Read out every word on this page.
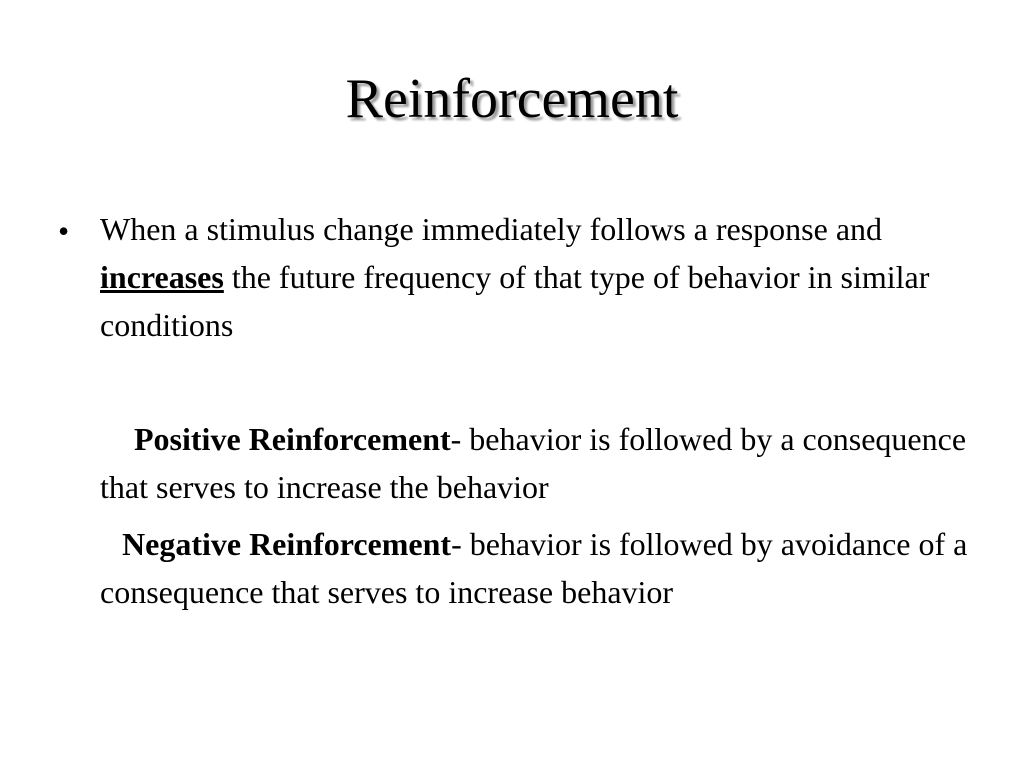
Reinforcement
• When a stimulus change immediately follows a response and increases the future frequency of that type of behavior in similar conditions
Positive Reinforcement- behavior is followed by a consequence that serves to increase the behavior
Negative Reinforcement- behavior is followed by avoidance of a consequence that serves to increase behavior
